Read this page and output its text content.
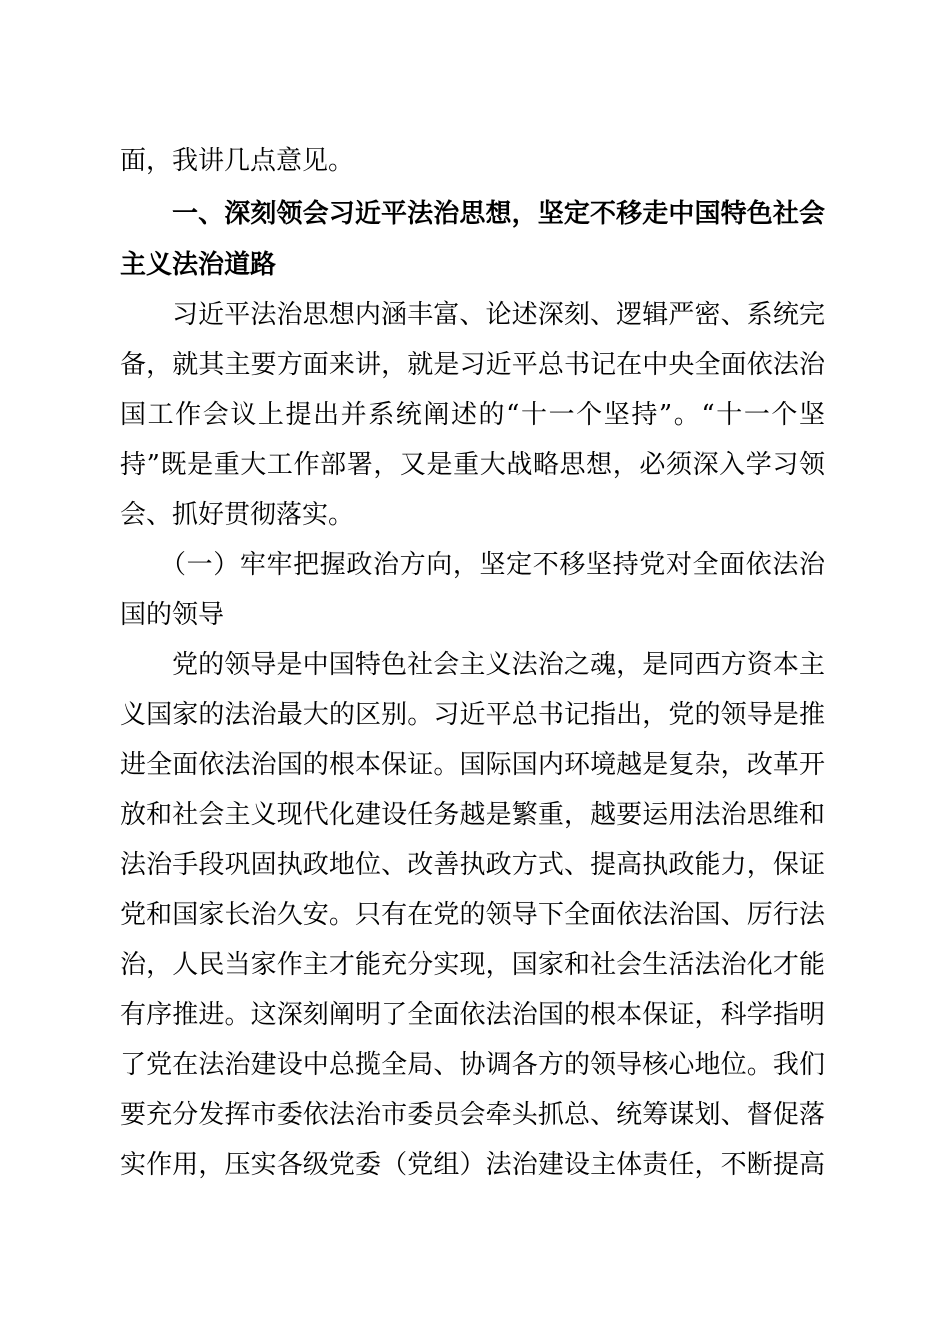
面，我讲几点意见。

一、深刻领会习近平法治思想，坚定不移走中国特色社会

主义法治道路

习近平法治思想内涵丰富、论述深刻、逻辑严密、系统完

备，就其主要方面来讲，就是习近平总书记在中央全面依法治

国工作会议上提出并系统阐述的“十一个坚持”。“十一个坚

持”既是重大工作部署，又是重大战略思想，必须深入学习领

会、抓好贯彻落实。

（一）牢牢把握政治方向，坚定不移坚持党对全面依法治

国的领导

党的领导是中国特色社会主义法治之魂，是同西方资本主

义国家的法治最大的区别。习近平总书记指出，党的领导是推

进全面依法治国的根本保证。国际国内环境越是复杂，改革开

放和社会主义现代化建设任务越是繁重，越要运用法治思维和

法治手段巩固执政地位、改善执政方式、提高执政能力，保证

党和国家长治久安。只有在党的领导下全面依法治国、厉行法

治，人民当家作主才能充分实现，国家和社会生活法治化才能

有序推进。这深刻阐明了全面依法治国的根本保证，科学指明

了党在法治建设中总揽全局、协调各方的领导核心地位。我们

要充分发挥市委依法治市委员会牵头抓总、统筹谋划、督促落

实作用，压实各级党委（党组）法治建设主体责任，不断提高
